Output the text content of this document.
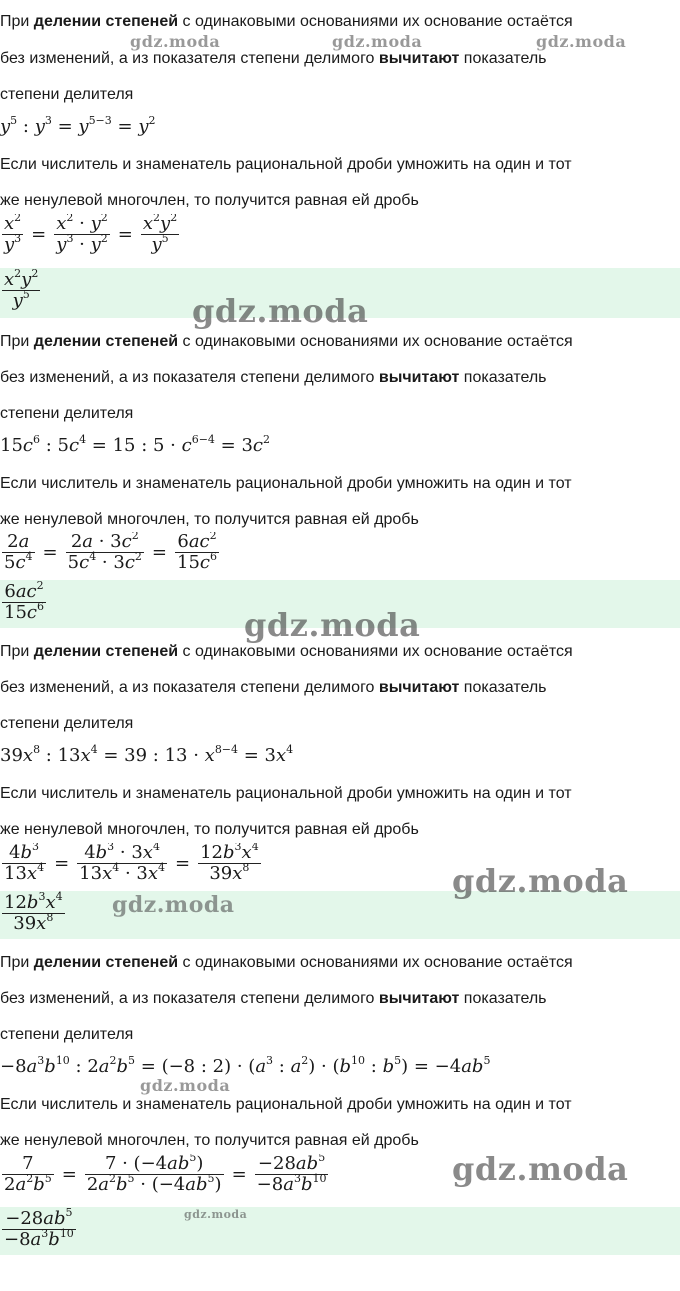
При делении степеней с одинаковыми основаниями их основание остаётся
без изменений, а из показателя степени делимого вычитают показатель
степени делителя
$y^5$ : $y^3 = y^{5-3} = y^2$
Если числитель и знаменатель рациональной дроби умножить на один и тот
же ненулевой многочлен, то получится равная ей дробь
$\frac{x^2}{y^3} = \frac{x^2 \cdot y^2}{y^3 \cdot y^2} = \frac{x^2y^2}{y^5}$
$\frac{x^2y^2}{y^5}$
При делении степеней с одинаковыми основаниями их основание остаётся
без изменений, а из показателя степени делимого вычитают показатель
степени делителя
$15c^6$ : $5c^4 = 15$ : $5 \cdot c^{6-4} = 3c^2$
Если числитель и знаменатель рациональной дроби умножить на один и тот
же ненулевой многочлен, то получится равная ей дробь
$\frac{2a}{5c^4} = \frac{2a \cdot 3c^2}{5c^4 \cdot 3c^2} = \frac{6ac^2}{15c^6}$
$\frac{6ac^2}{15c^6}$
При делении степеней с одинаковыми основаниями их основание остаётся
без изменений, а из показателя степени делимого вычитают показатель
степени делителя
$39x^8$ : $13x^4 = 39$ : $13 \cdot x^{8-4} = 3x^4$
Если числитель и знаменатель рациональной дроби умножить на один и тот
же ненулевой многочлен, то получится равная ей дробь
$\frac{4b^3}{13x^4} = \frac{4b^3 \cdot 3x^4}{13x^4 \cdot 3x^4} = \frac{12b^3x^4}{39x^8}$
$\frac{12b^3x^4}{39x^8}$
При делении степеней с одинаковыми основаниями их основание остаётся
без изменений, а из показателя степени делимого вычитают показатель
степени делителя
$-8a^3b^{10}$ : $2a^2b^5 = (-8$ : $2) \cdot (a^3$ : $a^2) \cdot (b^{10}$ : $b^5) = -4ab^5$
Если числитель и знаменатель рациональной дроби умножить на один и тот
же ненулевой многочлен, то получится равная ей дробь
$\frac{7}{2a^2b^5} = \frac{7 \cdot (-4ab^5)}{2a^2b^5 \cdot (-4ab^5)} = \frac{-28ab^5}{-8a^3b^{10}}$
$\frac{-28ab^5}{-8a^3b^{10}}$
gdz.moda	gdz.moda	gdz.moda
gdz.moda
gdz.moda
gdz.moda
gdz.moda
gdz.moda
gdz.moda
gdz.moda
